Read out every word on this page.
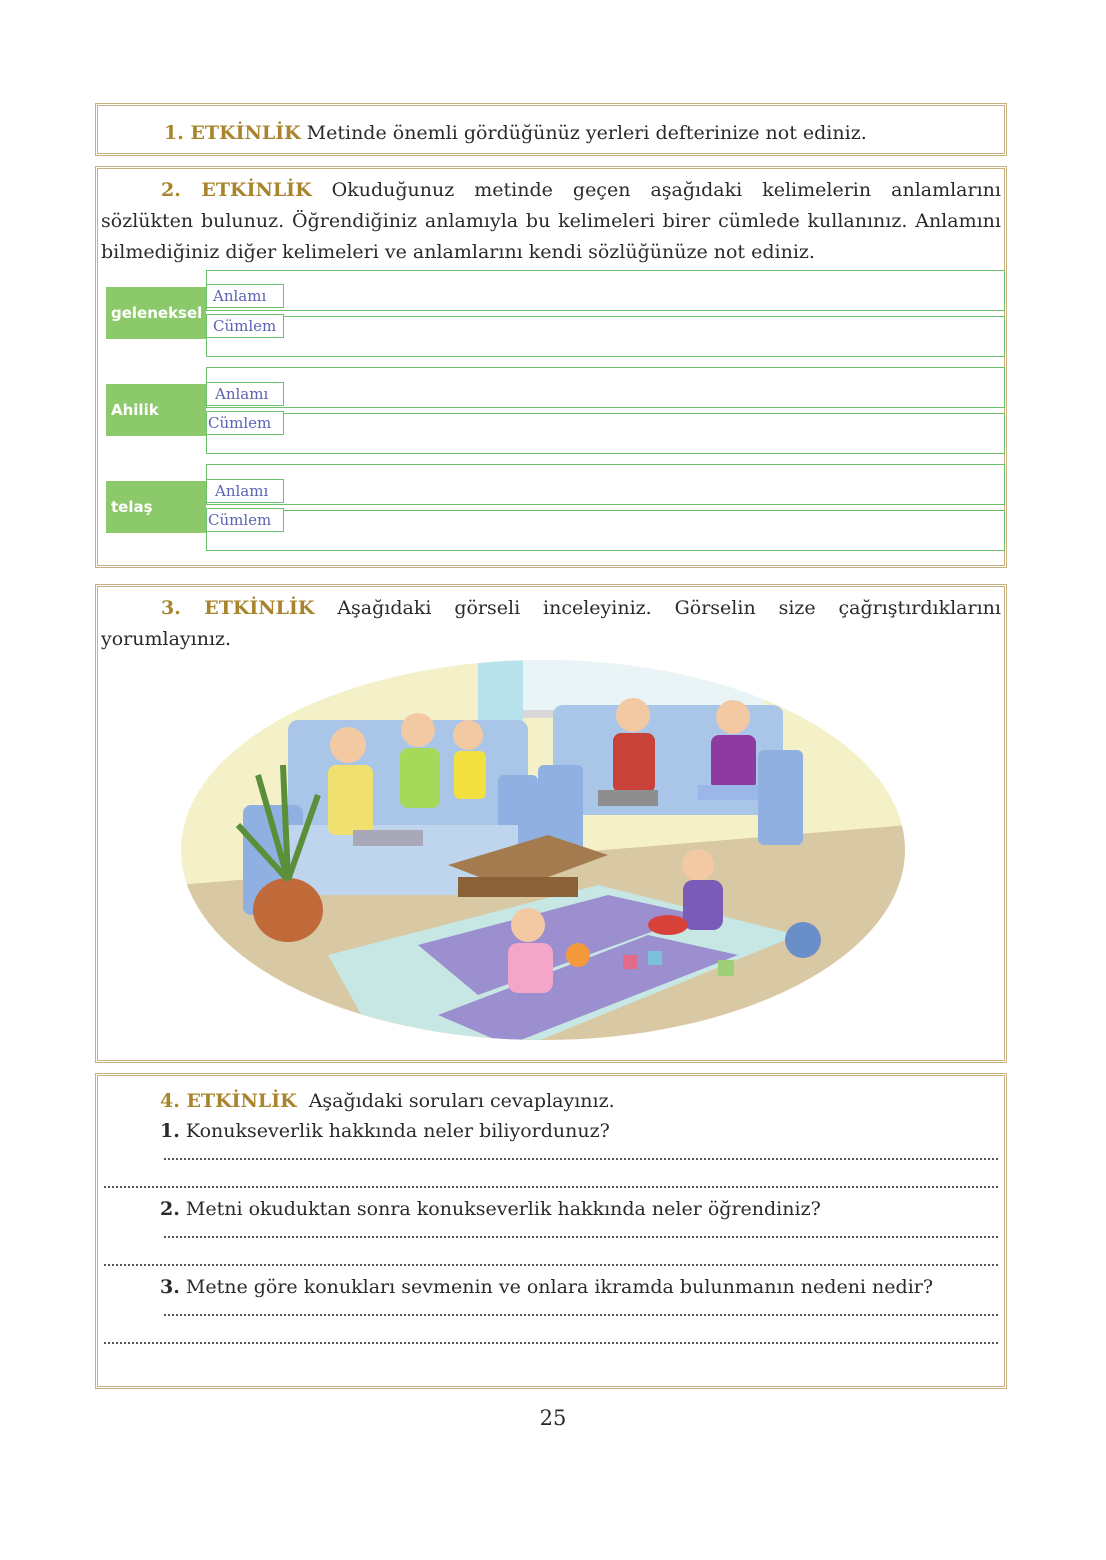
1. ETKİNLİK Metinde önemli gördüğünüz yerleri defterinize not ediniz.

2. ETKİNLİK Okuduğunuz metinde geçen aşağıdaki kelimelerin anlamlarını sözlükten bulunuz. Öğrendiğiniz anlamıyla bu kelimeleri birer cümlede kullanınız. Anlamını bilmediğiniz diğer kelimeleri ve anlamlarını kendi sözlüğünüze not ediniz.

geleneksel
Anlamı
Cümlem
Ahilik
Anlamı
Cümlem
telaş
Anlamı
Cümlem

3. ETKİNLİK Aşağıdaki görseli inceleyiniz. Görselin size çağrıştırdıklarını yorumlayınız.

4. ETKİNLİK Aşağıdaki soruları cevaplayınız.

1. Konukseverlik hakkında neler biliyordunuz?

2. Metni okuduktan sonra konukseverlik hakkında neler öğrendiniz?

3. Metne göre konukları sevmenin ve onlara ikramda bulunmanın nedeni nedir?

25
